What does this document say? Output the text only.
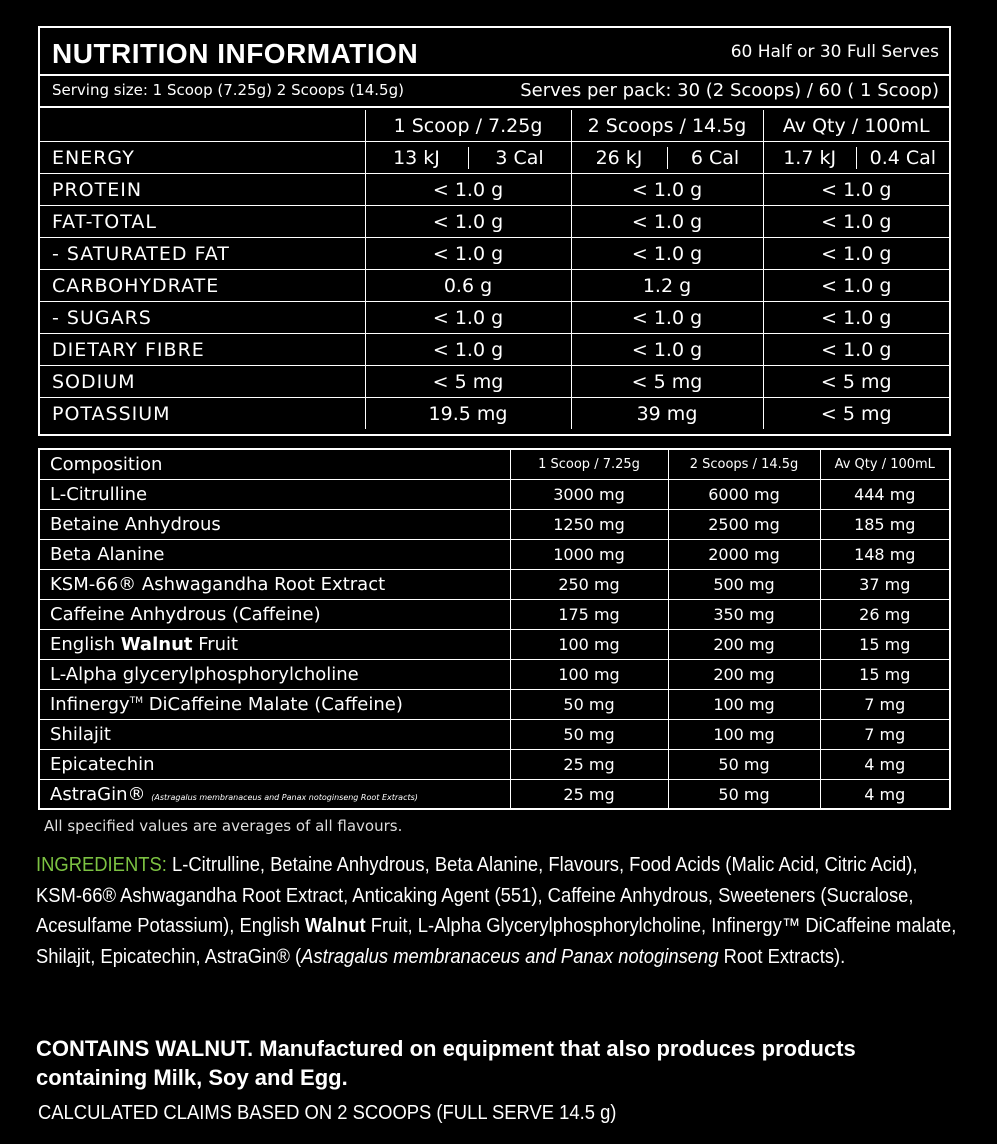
NUTRITION INFORMATION	60 Half or 30 Full Serves
Serving size: 1 Scoop (7.25g) 2 Scoops (14.5g)	Serves per pack: 30 (2 Scoops) / 60 ( 1 Scoop)
	1 Scoop / 7.25g	2 Scoops / 14.5g	Av Qty / 100mL
ENERGY	13 kJ 3 Cal	26 kJ 6 Cal	1.7 kJ 0.4 Cal

PROTEIN	< 1.0 g	< 1.0 g	< 1.0 g
FAT-TOTAL	< 1.0 g	< 1.0 g	< 1.0 g
- SATURATED FAT	< 1.0 g	< 1.0 g	< 1.0 g
CARBOHYDRATE	0.6 g	1.2 g	< 1.0 g
- SUGARS	< 1.0 g	< 1.0 g	< 1.0 g
DIETARY FIBRE	< 1.0 g	< 1.0 g	< 1.0 g
SODIUM	< 5 mg	< 5 mg	< 5 mg
POTASSIUM	19.5 mg	39 mg	< 5 mg
Composition	1 Scoop / 7.25g	2 Scoops / 14.5g	Av Qty / 100mL
L-Citrulline	3000 mg	6000 mg	444 mg
Betaine Anhydrous	1250 mg	2500 mg	185 mg
Beta Alanine	1000 mg	2000 mg	148 mg
KSM-66® Ashwagandha Root Extract	250 mg	500 mg	37 mg
Caffeine Anhydrous (Caffeine)	175 mg	350 mg	26 mg
English Walnut Fruit	100 mg	200 mg	15 mg
L-Alpha glycerylphosphorylcholine	100 mg	200 mg	15 mg
Infinergy™ DiCaffeine Malate (Caffeine)	50 mg	100 mg	7 mg
Shilajit	50 mg	100 mg	7 mg
Epicatechin	25 mg	50 mg	4 mg
AstraGin® (Astragalus membranaceus and Panax notoginseng Root Extracts)	25 mg	50 mg	4 mg
All specified values are averages of all flavours.
INGREDIENTS: L-Citrulline, Betaine Anhydrous, Beta Alanine, Flavours, Food Acids (Malic Acid, Citric Acid), KSM-66® Ashwagandha Root Extract, Anticaking Agent (551), Caffeine Anhydrous, Sweeteners (Sucralose, Acesulfame Potassium), English Walnut Fruit, L-Alpha Glycerylphosphorylcholine, Infinergy™ DiCaffeine malate, Shilajit, Epicatechin, AstraGin® (Astragalus membranaceus and Panax notoginseng Root Extracts).
CONTAINS WALNUT. Manufactured on equipment that also produces products containing Milk, Soy and Egg.
CALCULATED CLAIMS BASED ON 2 SCOOPS (FULL SERVE 14.5 g)
